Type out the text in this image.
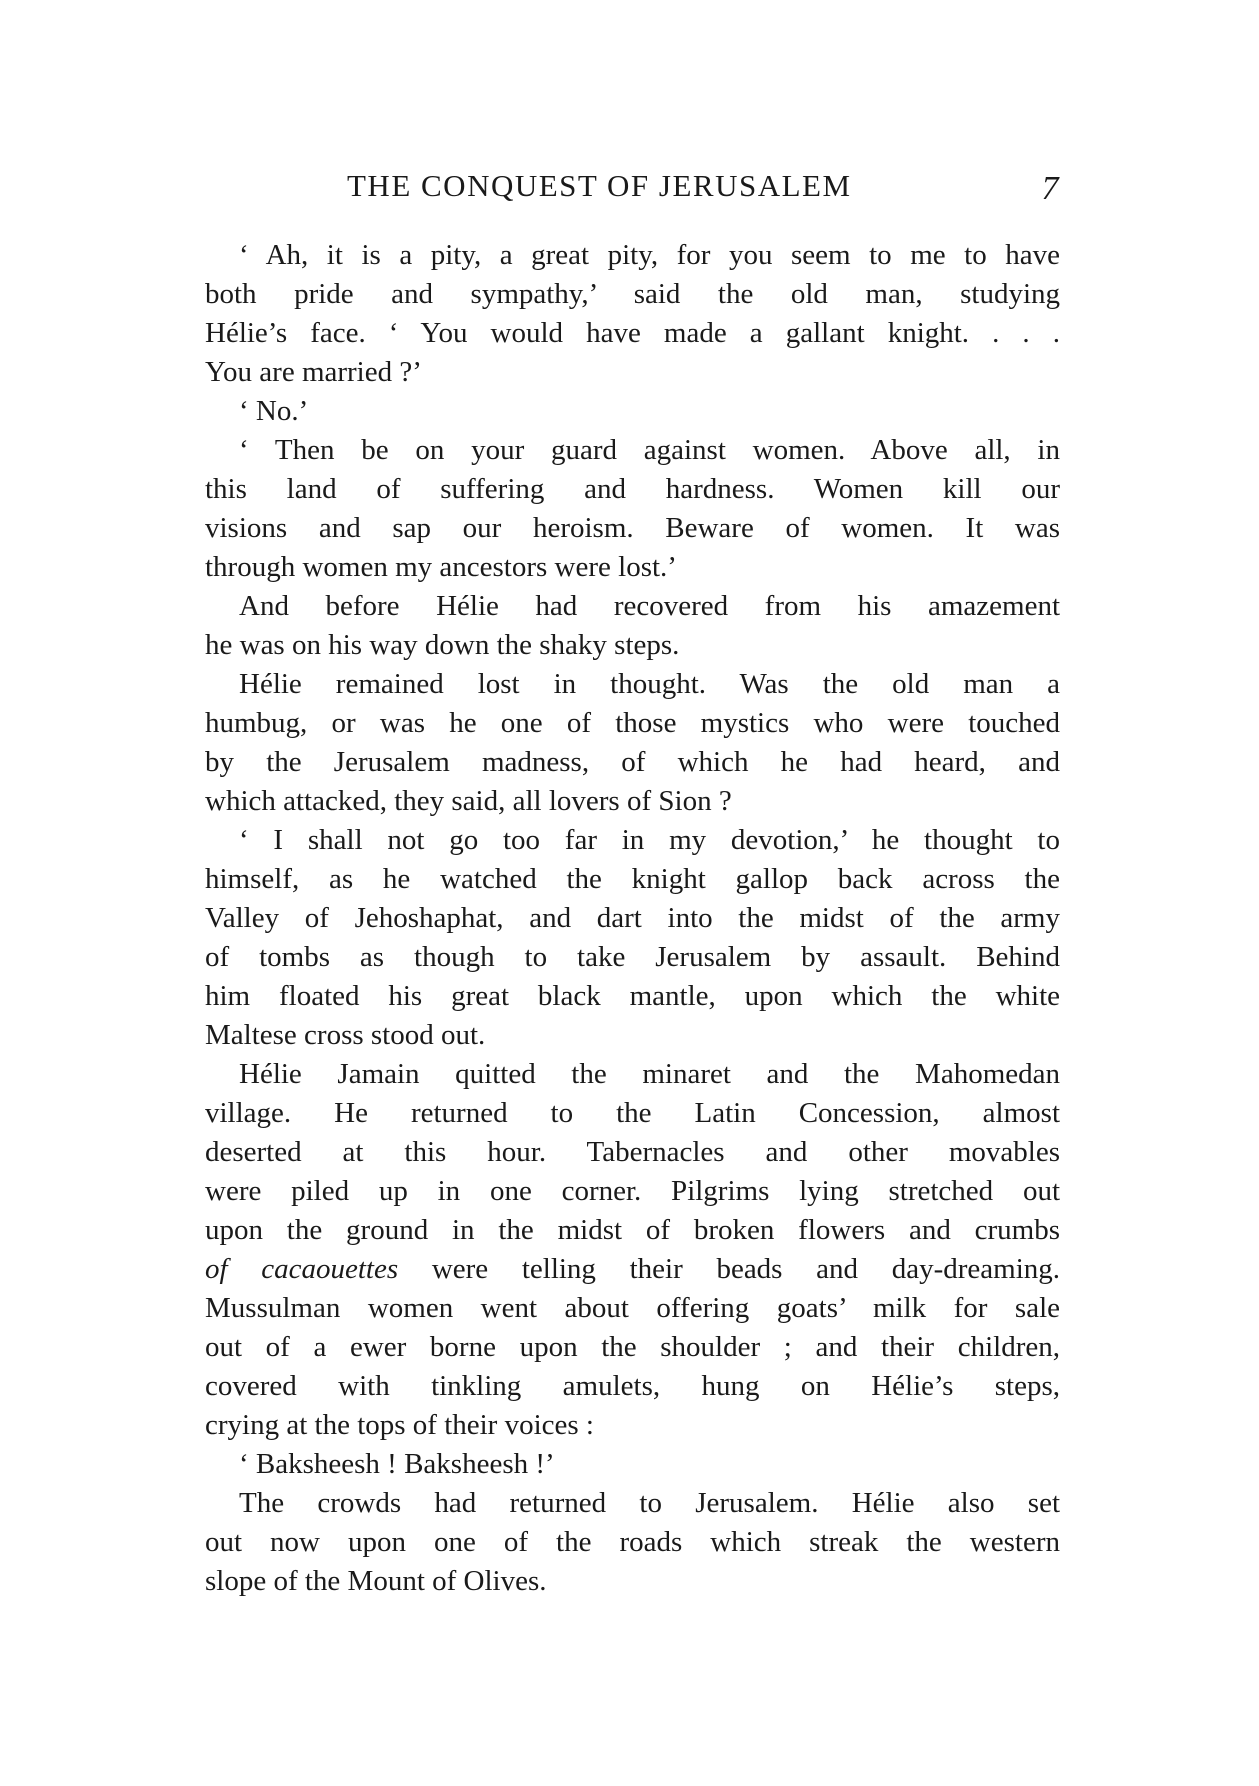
THE CONQUEST OF JERUSALEM	7
‘ Ah, it is a pity, a great pity, for you seem to me to have
both pride and sympathy,’ said the old man, studying
Hélie’s face. ‘ You would have made a gallant knight. . . .
You are married ?’
‘ No.’
‘ Then be on your guard against women. Above all, in
this land of suffering and hardness. Women kill our
visions and sap our heroism. Beware of women. It was
through women my ancestors were lost.’
And before Hélie had recovered from his amazement
he was on his way down the shaky steps.
Hélie remained lost in thought. Was the old man a
humbug, or was he one of those mystics who were touched
by the Jerusalem madness, of which he had heard, and
which attacked, they said, all lovers of Sion ?
‘ I shall not go too far in my devotion,’ he thought to
himself, as he watched the knight gallop back across the
Valley of Jehoshaphat, and dart into the midst of the army
of tombs as though to take Jerusalem by assault. Behind
him floated his great black mantle, upon which the white
Maltese cross stood out.
Hélie Jamain quitted the minaret and the Mahomedan
village. He returned to the Latin Concession, almost
deserted at this hour. Tabernacles and other movables
were piled up in one corner. Pilgrims lying stretched out
upon the ground in the midst of broken flowers and crumbs
of cacaouettes were telling their beads and day-dreaming.
Mussulman women went about offering goats’ milk for sale
out of a ewer borne upon the shoulder ; and their children,
covered with tinkling amulets, hung on Hélie’s steps,
crying at the tops of their voices :
‘ Baksheesh ! Baksheesh !’
The crowds had returned to Jerusalem. Hélie also set
out now upon one of the roads which streak the western
slope of the Mount of Olives.
